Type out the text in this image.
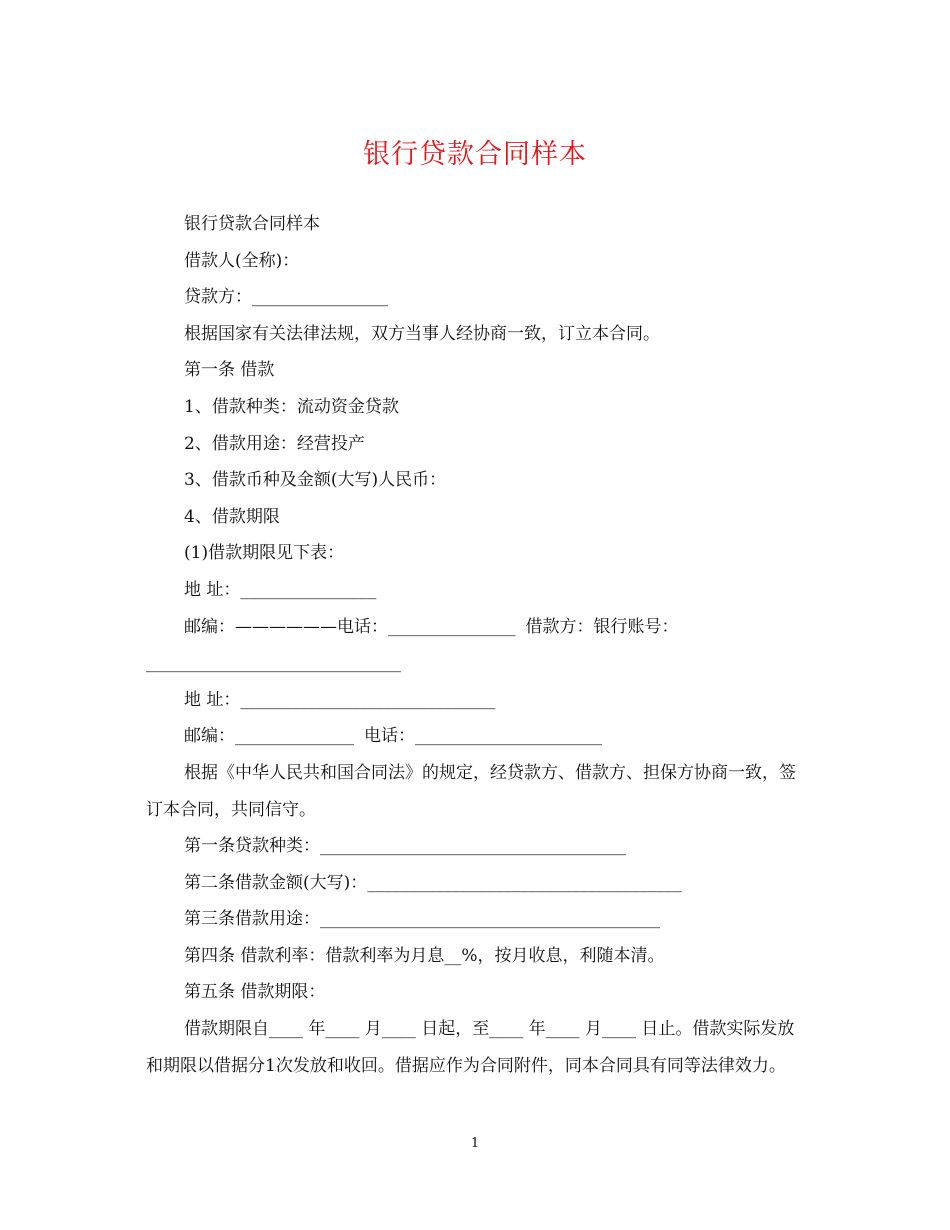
银行贷款合同样本

银行贷款合同样本

借款人(全称)：

贷款方：________________

根据国家有关法律法规，双方当事人经协商一致，订立本合同。

第一条 借款

1、借款种类：流动资金贷款

2、借款用途：经营投产

3、借款币种及金额(大写)人民币：

4、借款期限

(1)借款期限见下表：

地 址：________________

邮编：——————电话：_______________ 借款方：银行账号：

______________________________

地 址：______________________________

邮编：______________ 电话：______________________

根据《中华人民共和国合同法》的规定，经贷款方、借款方、担保方协商一致，签订本合同，共同信守。

第一条贷款种类：____________________________________

第二条借款金额(大写)：_____________________________________

第三条借款用途：________________________________________

第四条 借款利率：借款利率为月息__%，按月收息，利随本清。

第五条 借款期限：

借款期限自____ 年____ 月____ 日起，至____ 年____ 月____ 日止。借款实际发放和期限以借据分1次发放和收回。借据应作为合同附件，同本合同具有同等法律效力。

1
